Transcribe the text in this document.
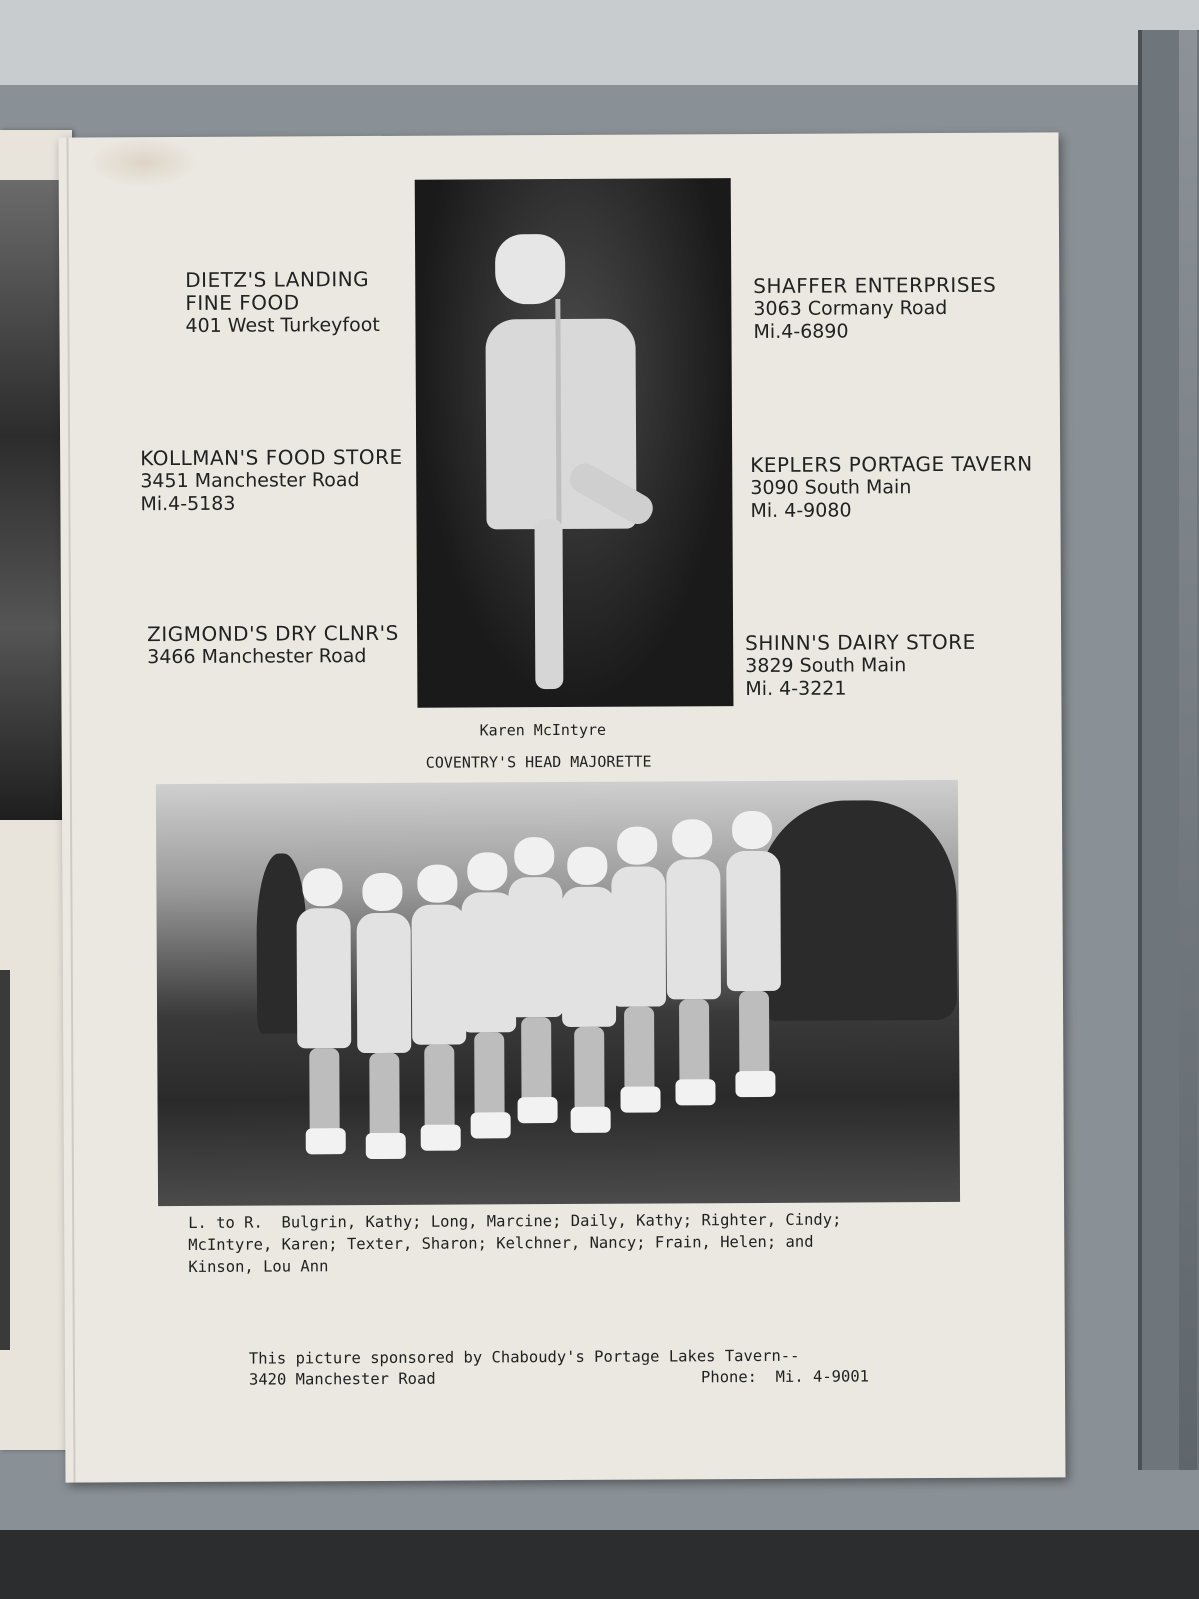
DIETZ'S LANDING
FINE FOOD
401 West Turkeyfoot
KOLLMAN'S FOOD STORE
3451 Manchester Road
Mi.4-5183
ZIGMOND'S DRY CLNR'S
3466 Manchester Road
SHAFFER ENTERPRISES
3063 Cormany Road
Mi.4-6890
KEPLERS PORTAGE TAVERN
3090 South Main
Mi. 4-9080
SHINN'S DAIRY STORE
3829 South Main
Mi. 4-3221
Karen McIntyre
COVENTRY'S HEAD MAJORETTE
L. to R.  Bulgrin, Kathy; Long, Marcine; Daily, Kathy; Righter, Cindy;
McIntyre, Karen; Texter, Sharon; Kelchner, Nancy; Frain, Helen; and
Kinson, Lou Ann
This picture sponsored by Chaboudy's Portage Lakes Tavern--
3420 Manchester Road	Phone:  Mi. 4-9001
